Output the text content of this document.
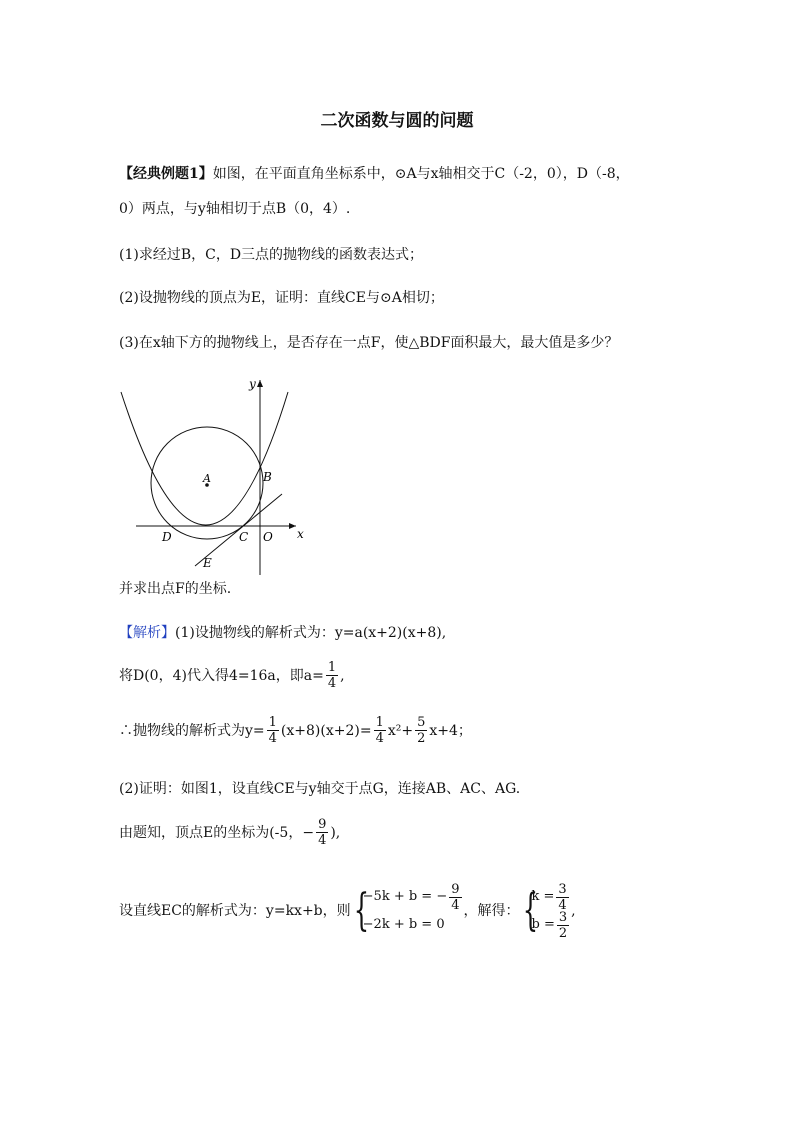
二次函数与圆的问题
【经典例题1】如图，在平面直角坐标系中，⊙A与x轴相交于C（-2，0），D（-8，
0）两点，与y轴相切于点B（0，4）.
(1)求经过B，C，D三点的抛物线的函数表达式；
(2)设抛物线的顶点为E，证明：直线CE与⊙A相切；
(3)在x轴下方的抛物线上，是否存在一点F，使△BDF面积最大，最大值是多少？
y
x
A	B
C
D	O
E
并求出点F的坐标.
【解析】(1)设抛物线的解析式为：y=a(x+2)(x+8),
将D(0，4)代入得4=16a，即$a= \frac{1}{4}$ ,
∴抛物线的解析式为$y= \frac{1}{4} (x+8)(x+2)= \frac{1}{4} x^2+ \frac{5}{2} x+4$；
(2)证明：如图1，设直线CE与y轴交于点G，连接AB、AC、AG.
由题知，顶点E的坐标为(-5，− $\frac{9}{4}$ ),
设直线EC的解析式为：y=kx+b，则 {
−5k + b = − $\frac{9}{4}$
−2k + b = 0
，解得： {
$k = \frac{3}{4}$
$b = \frac{3}{2}$ ,
